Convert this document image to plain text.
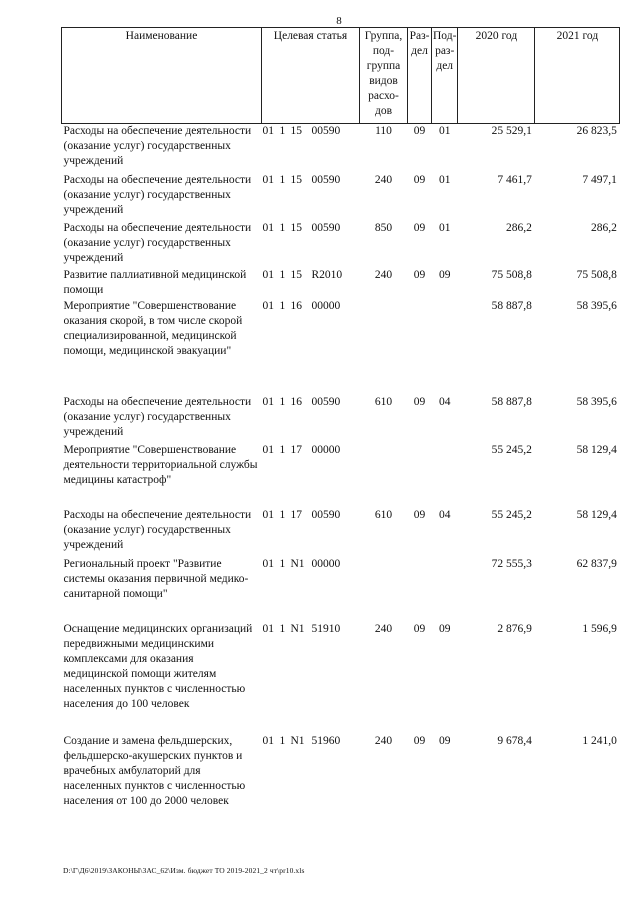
8
Наименование	Целевая статья	Группа, под- группа видов расхо- дов	Раз- дел	Под- раз- дел	2020 год	2021 год
Расходы на обеспечение деятельности (оказание услуг) государственных учреждений	01 1 15 00590	110	09	01	25 529,1	26 823,5
Расходы на обеспечение деятельности (оказание услуг) государственных учреждений	01 1 15 00590	240	09	01	7 461,7	7 497,1
Расходы на обеспечение деятельности (оказание услуг) государственных учреждений	01 1 15 00590	850	09	01	286,2	286,2
Развитие паллиативной медицинской помощи	01 1 15 R2010	240	09	09	75 508,8	75 508,8
Мероприятие "Совершенствование оказания скорой, в том числе скорой специализированной, медицинской помощи, медицинской эвакуации"	01 1 16 00000				58 887,8	58 395,6
Расходы на обеспечение деятельности (оказание услуг) государственных учреждений	01 1 16 00590	610	09	04	58 887,8	58 395,6
Мероприятие "Совершенствование деятельности территориальной службы медицины катастроф"	01 1 17 00000				55 245,2	58 129,4
Расходы на обеспечение деятельности (оказание услуг) государственных учреждений	01 1 17 00590	610	09	04	55 245,2	58 129,4
Региональный проект "Развитие системы оказания первичной медико-санитарной помощи"	01 1 N1 00000				72 555,3	62 837,9
Оснащение медицинских организаций передвижными медицинскими комплексами для оказания медицинской помощи жителям населенных пунктов с численностью населения до 100 человек	01 1 N1 51910	240	09	09	2 876,9	1 596,9
Создание и замена фельдшерских, фельдшерско-акушерских пунктов и врачебных амбулаторий для населенных пунктов с численностью населения от 100 до 2000 человек	01 1 N1 51960	240	09	09	9 678,4	1 241,0
D:\Г\Д6\2019\ЗАКОНЫ\ЗАС_62\Изм. бюджет ТО 2019-2021_2 чт\pr10.xls
